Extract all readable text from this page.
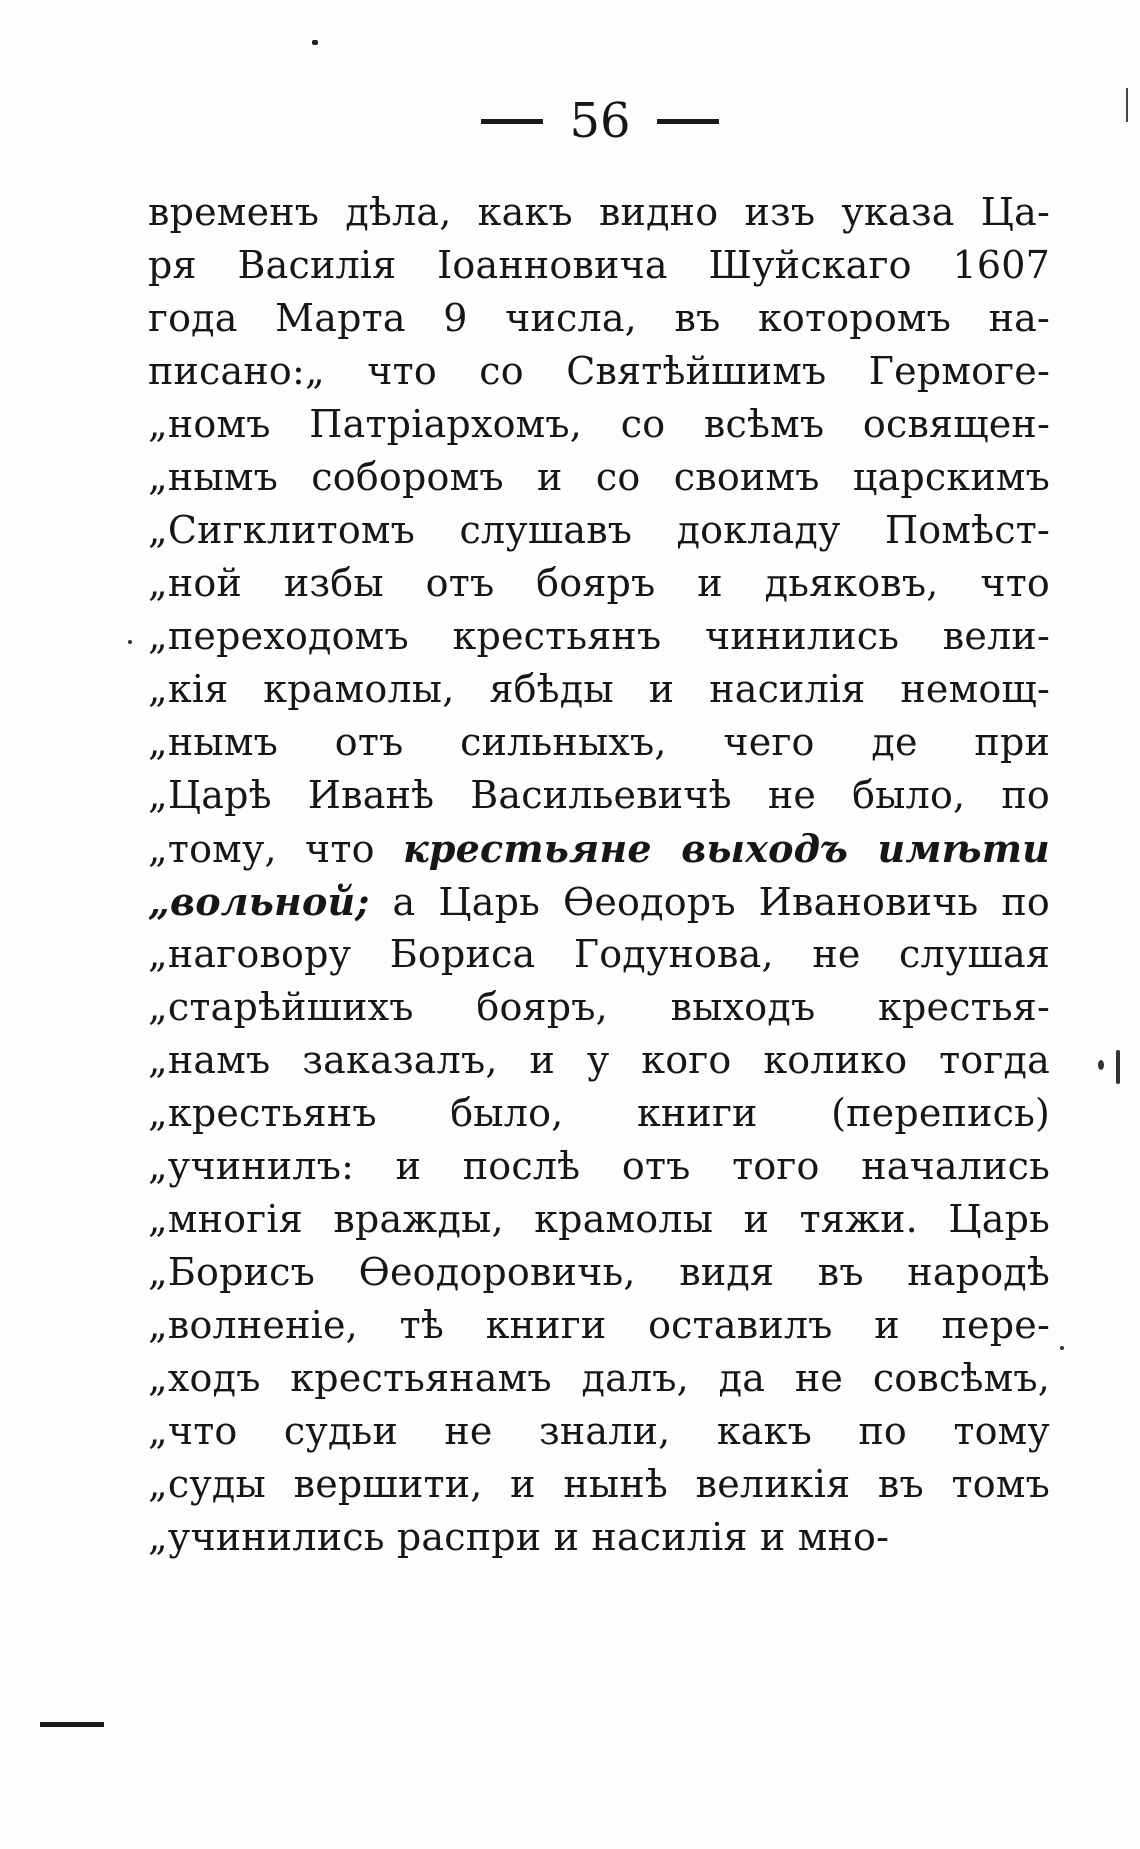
56
временъ дѣла, какъ видно изъ указа Ца-
ря Василія Іоанновича Шуйскаго 1607
года Марта 9 числа, въ которомъ на-
писано:„ что со Святѣйшимъ Гермоге-
„номъ Патріархомъ, со всѣмъ освящен-
„нымъ соборомъ и со своимъ царскимъ
„Сигклитомъ слушавъ докладу Помѣст-
„ной избы отъ бояръ и дьяковъ, что
„переходомъ крестьянъ чинились вели-
„кія крамолы, ябѣды и насилія немощ-
„нымъ отъ сильныхъ, чего де при
„Царѣ Иванѣ Васильевичѣ не было, по
„тому, что крестьяне выходъ имѣти
„вольной; а Царь Ѳеодоръ Ивановичь по
„наговору Бориса Годунова, не слушая
„старѣйшихъ бояръ, выходъ крестья-
„намъ заказалъ, и у кого колико тогда
„крестьянъ было, книги (перепись)
„учинилъ: и послѣ отъ того начались
„многія вражды, крамолы и тяжи. Царь
„Борисъ Ѳеодоровичь, видя въ народѣ
„волненіе, тѣ книги оставилъ и пере-
„ходъ крестьянамъ далъ, да не совсѣмъ,
„что судьи не знали, какъ по тому
„суды вершити, и нынѣ великія въ томъ
„учинились распри и насилія и мно-
